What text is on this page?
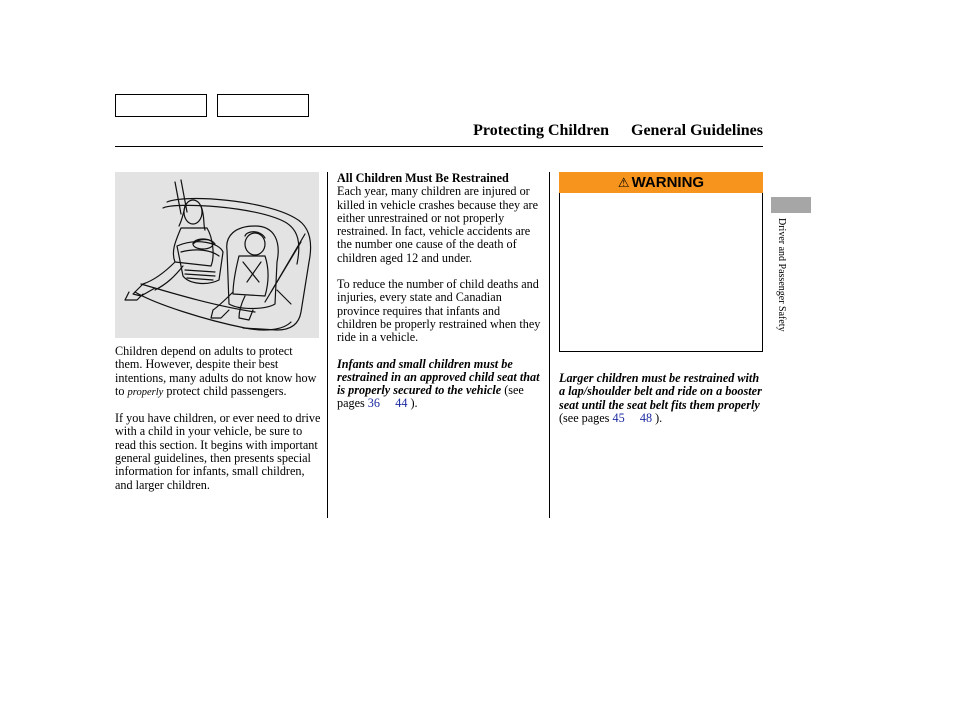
Protecting Children General Guidelines

Children depend on adults to protect them. However, despite their best intentions, many adults do not know how to properly protect child passengers.

If you have children, or ever need to drive with a child in your vehicle, be sure to read this section. It begins with important general guidelines, then presents special information for infants, small children, and larger children.

All Children Must Be Restrained

Each year, many children are injured or killed in vehicle crashes because they are either unrestrained or not properly restrained. In fact, vehicle accidents are the number one cause of the death of children aged 12 and under.

To reduce the number of child deaths and injuries, every state and Canadian province requires that infants and children be properly restrained when they ride in a vehicle.

Infants and small children must be restrained in an approved child seat that is properly secured to the vehicle (see pages 36 44 ).

⚠ WARNING
Larger children must be restrained with a lap/shoulder belt and ride on a booster seat until the seat belt fits them properly (see pages 45 48 ).
Driver and Passenger Safety
